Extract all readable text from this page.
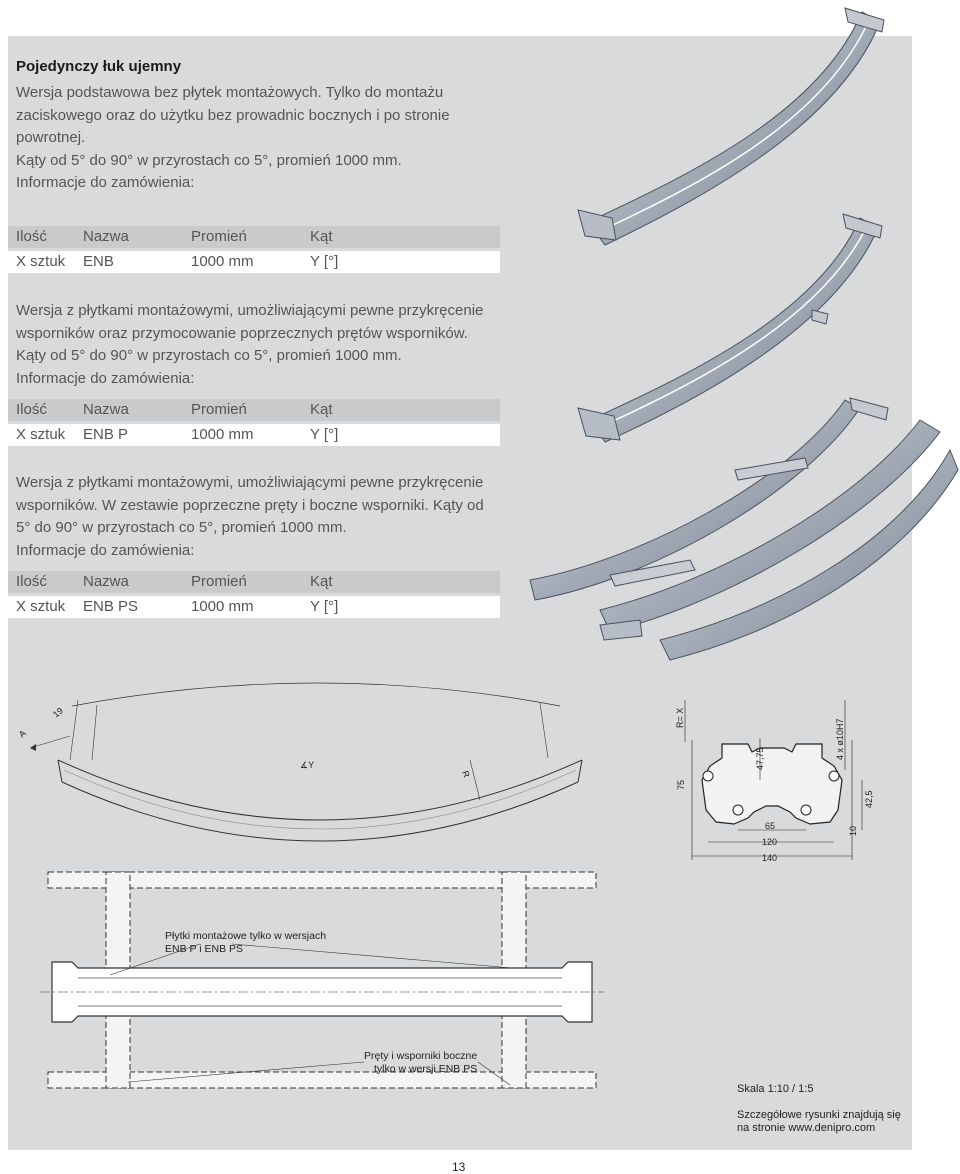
Pojedynczy łuk ujemny
Wersja podstawowa bez płytek montażowych. Tylko do montażu
zaciskowego oraz do użytku bez prowadnic bocznych i po stronie
powrotnej.
Kąty od 5° do 90° w przyrostach co 5°, promień 1000 mm.
Informacje do zamówienia:
Ilość Nazwa	Promień	Kąt
X sztuk ENB	1000 mm	Y [°]
Wersja z płytkami montażowymi, umożliwiającymi pewne przykręcenie
wsporników oraz przymocowanie poprzecznych prętów wsporników.
Kąty od 5° do 90° w przyrostach co 5°, promień 1000 mm.
Informacje do zamówienia:
Ilość Nazwa	Promień	Kąt
X sztuk ENB P	1000 mm	Y [°]
Wersja z płytkami montażowymi, umożliwiającymi pewne przykręcenie
wsporników. W zestawie poprzeczne pręty i boczne wsporniki. Kąty od
5° do 90° w przyrostach co 5°, promień 1000 mm.
Informacje do zamówienia:
Ilość Nazwa	Promień	Kąt
X sztuk ENB PS	1000 mm	Y [°]
A
19
∡Y
R
R= X
75
47,75	4 x ø10H7
42,5
10
65
120
140
Płytki montażowe tylko w wersjach
ENB P i ENB PS
Pręty i wsporniki boczne
tylko w wersji ENB PS
Skala 1:10 / 1:5
Szczegółowe rysunki znajdują się
na stronie www.denipro.com
13
